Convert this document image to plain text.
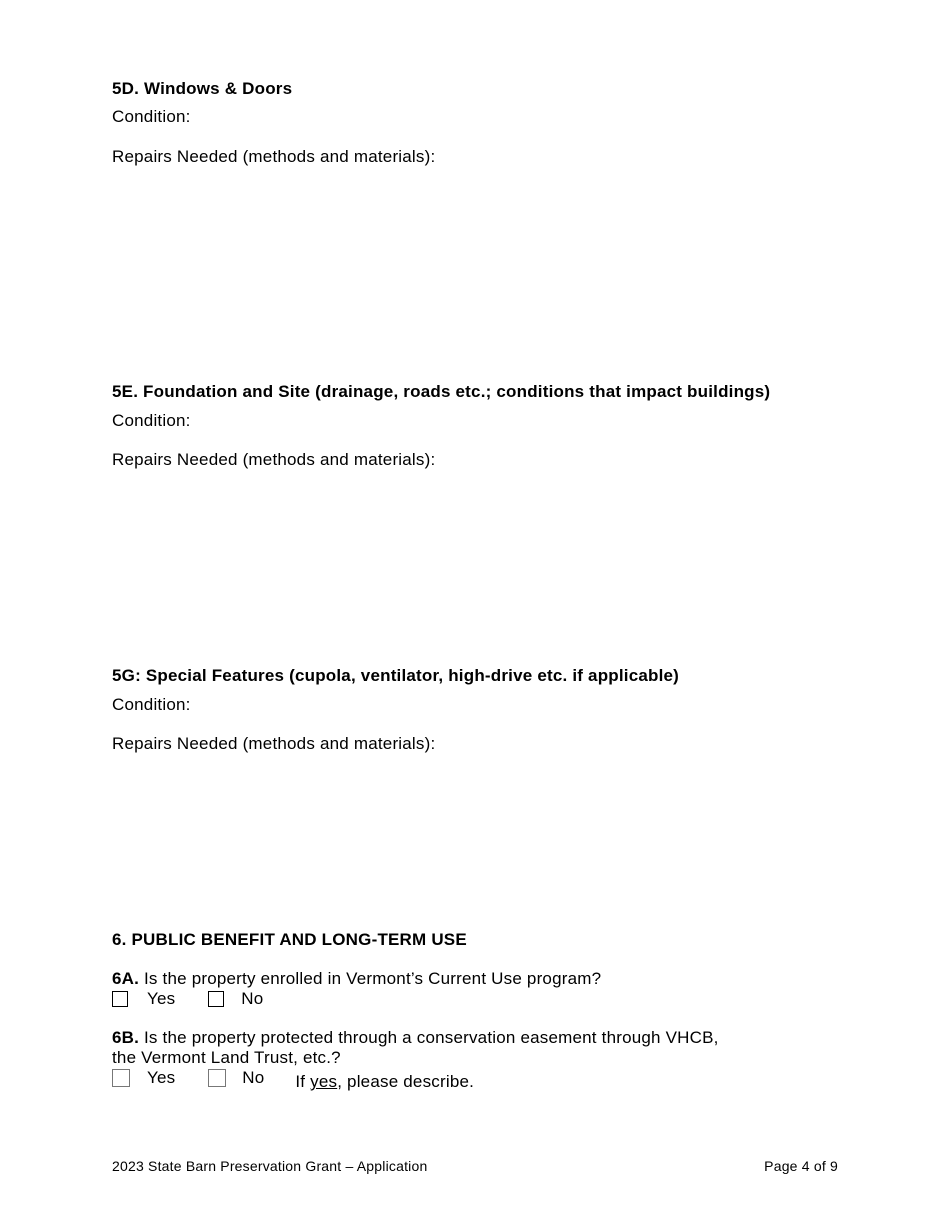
5D. Windows & Doors
Condition:
Repairs Needed (methods and materials):
5E. Foundation and Site (drainage, roads etc.; conditions that impact buildings)
Condition:
Repairs Needed (methods and materials):
5G: Special Features (cupola, ventilator, high-drive etc. if applicable)
Condition:
Repairs Needed (methods and materials):
6. PUBLIC BENEFIT AND LONG-TERM USE
6A. Is the property enrolled in Vermont’s Current Use program?
Yes
	No
6B. Is the property protected through a conservation easement through VHCB,
the Vermont Land Trust, etc.?
Yes
	No If yes, please describe.
2023 State Barn Preservation Grant – Application	Page 4 of 9
